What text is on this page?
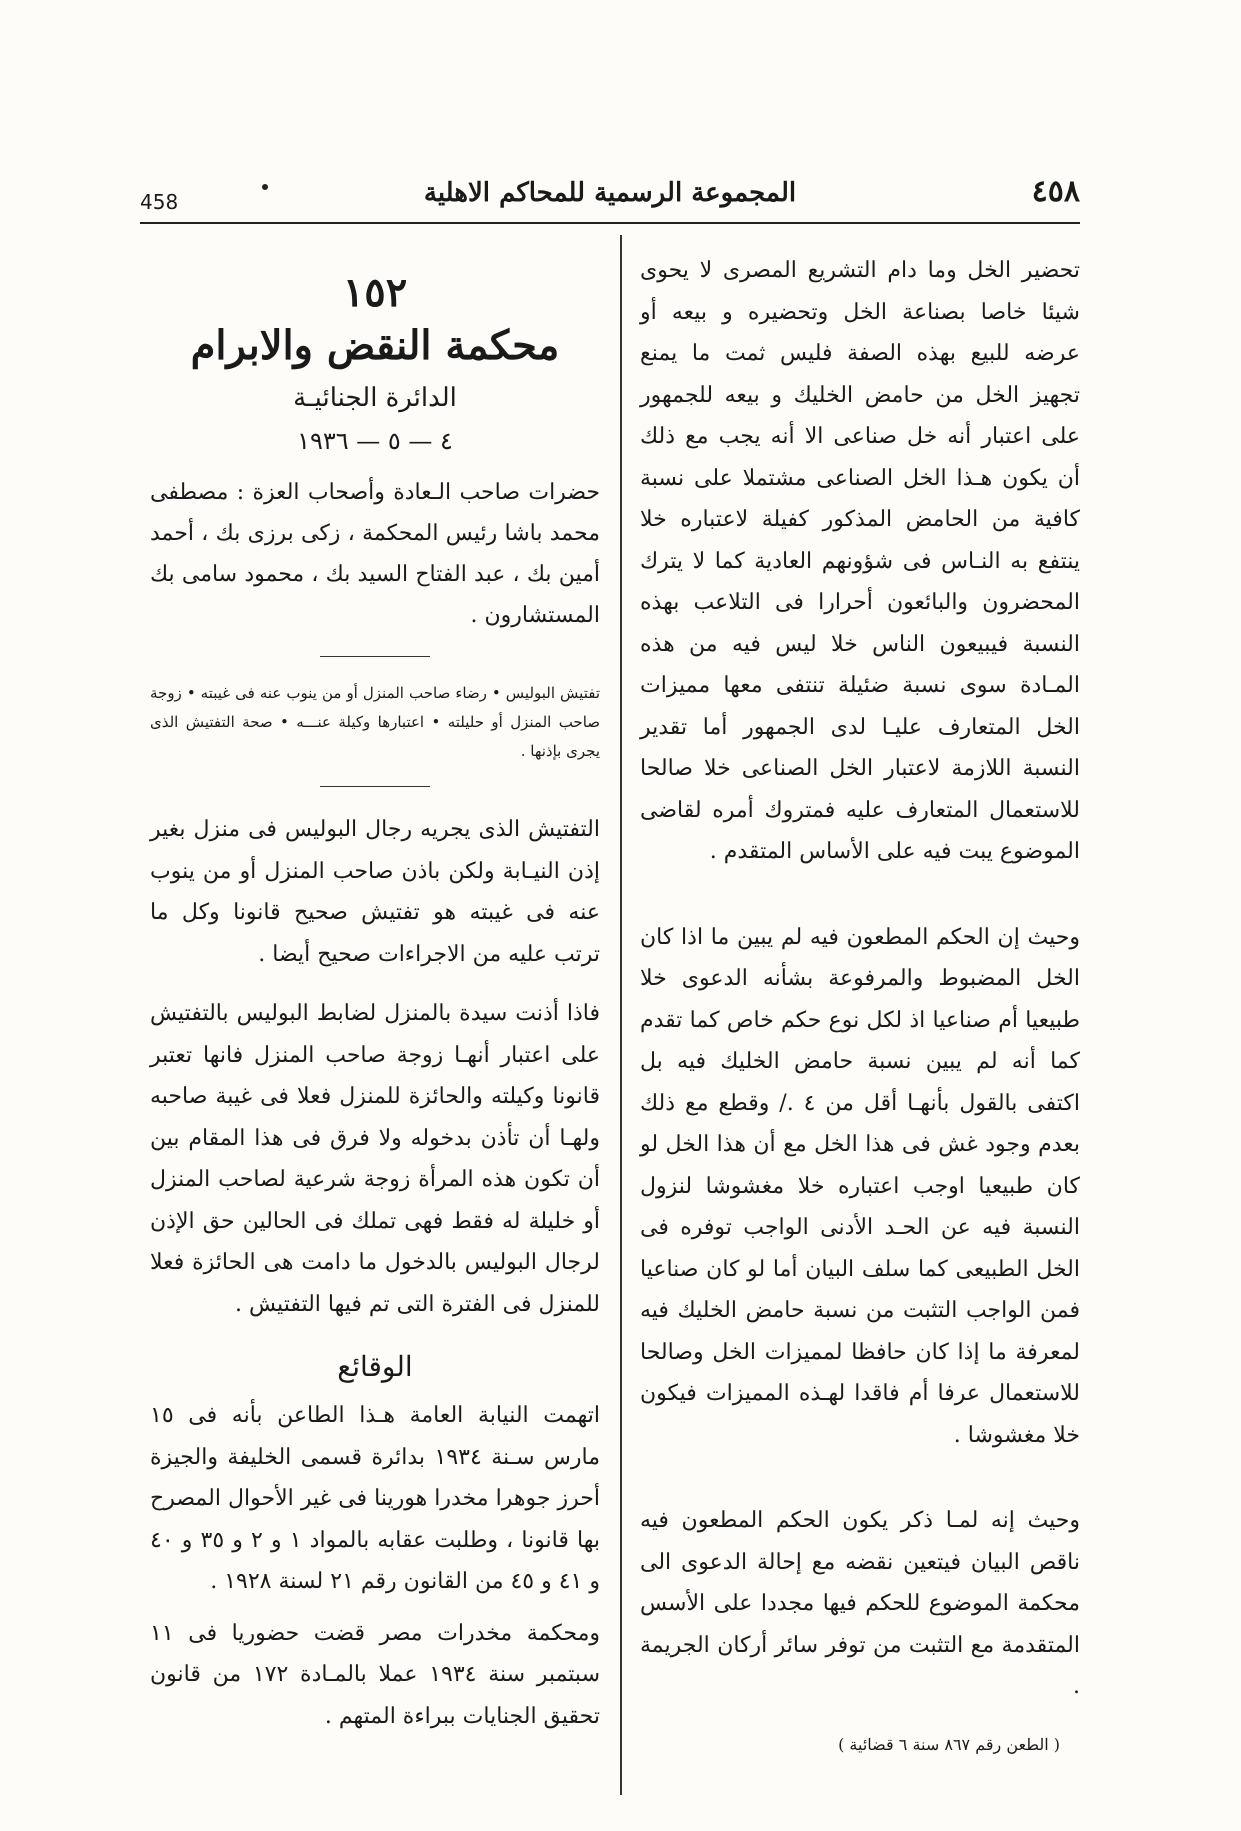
٤٥٨
المجموعة الرسمية للمحاكم الاهلية
458

تحضير الخل وما دام التشريع المصرى لا يحوى شيئا خاصا بصناعة الخل وتحضيره و بيعه أو عرضه للبيع بهذه الصفة فليس ثمت ما يمنع تجهيز الخل من حامض الخليك و بيعه للجمهور على اعتبار أنه خل صناعى الا أنه يجب مع ذلك أن يكون هـذا الخل الصناعى مشتملا على نسبة كافية من الحامض المذكور كفيلة لاعتباره خلا ينتفع به النـاس فى شؤونهم العادية كما لا يترك المحضرون والبائعون أحرارا فى التلاعب بهذه النسبة فيبيعون الناس خلا ليس فيه من هذه المـادة سوى نسبة ضئيلة تنتفى معها مميزات الخل المتعارف عليـا لدى الجمهور أما تقدير النسبة اللازمة لاعتبار الخل الصناعى خلا صالحا للاستعمال المتعارف عليه فمتروك أمره لقاضى الموضوع يبت فيه على الأساس المتقدم .

وحيث إن الحكم المطعون فيه لم يبين ما اذا كان الخل المضبوط والمرفوعة بشأنه الدعوى خلا طبيعيا أم صناعيا اذ لكل نوع حكم خاص كما تقدم كما أنه لم يبين نسبة حامض الخليك فيه بل اكتفى بالقول بأنهـا أقل من ٤ ./ وقطع مع ذلك بعدم وجود غش فى هذا الخل مع أن هذا الخل لو كان طبيعيا اوجب اعتباره خلا مغشوشا لنزول النسبة فيه عن الحـد الأدنى الواجب توفره فى الخل الطبيعى كما سلف البيان أما لو كان صناعيا فمن الواجب التثبت من نسبة حامض الخليك فيه لمعرفة ما إذا كان حافظا لمميزات الخل وصالحا للاستعمال عرفا أم فاقدا لهـذه المميزات فيكون خلا مغشوشا .

وحيث إنه لمـا ذكر يكون الحكم المطعون فيه ناقص البيان فيتعين نقضه مع إحالة الدعوى الى محكمة الموضوع للحكم فيها مجددا على الأسس المتقدمة مع التثبت من توفر سائر أركان الجريمة .

( الطعن رقم ٨٦٧ سنة ٦ قضائية )

١٥٢
محكمة النقض والابرام
الدائرة الجنائيـة
٤ — ٥ — ١٩٣٦

حضرات صاحب الـعادة وأصحاب العزة : مصطفى محمد باشا رئيس المحكمة ، زكى برزى بك ، أحمد أمين بك ، عبد الفتاح السيد بك ، محمود سامى بك المستشارون .

تفتيش البوليس • رضاء صاحب المنزل أو من ينوب عنه فى غيبته • زوجة صاحب المنزل أو حليلته • اعتبارها وكيلة عنـــه • صحة التفتيش الذى يجرى بإذنها .

التفتيش الذى يجريه رجال البوليس فى منزل بغير إذن النيـابة ولكن باذن صاحب المنزل أو من ينوب عنه فى غيبته هو تفتيش صحيح قانونا وكل ما ترتب عليه من الاجراءات صحيح أيضا .

فاذا أذنت سيدة بالمنزل لضابط البوليس بالتفتيش على اعتبار أنهـا زوجة صاحب المنزل فانها تعتبر قانونا وكيلته والحائزة للمنزل فعلا فى غيبة صاحبه ولهـا أن تأذن بدخوله ولا فرق فى هذا المقام بين أن تكون هذه المرأة زوجة شرعية لصاحب المنزل أو خليلة له فقط فهى تملك فى الحالين حق الإذن لرجال البوليس بالدخول ما دامت هى الحائزة فعلا للمنزل فى الفترة التى تم فيها التفتيش .

الوقائع

اتهمت النيابة العامة هـذا الطاعن بأنه فى ١٥ مارس سـنة ١٩٣٤ بدائرة قسمى الخليفة والجيزة أحرز جوهرا مخدرا هورينا فى غير الأحوال المصرح بها قانونا ، وطلبت عقابه بالمواد ١ و ٢ و ٣٥ و ٤٠ و ٤١ و ٤٥ من القانون رقم ٢١ لسنة ١٩٢٨ .

ومحكمة مخدرات مصر قضت حضوريا فى ١١ سبتمبر سنة ١٩٣٤ عملا بالمـادة ١٧٢ من قانون تحقيق الجنايات ببراءة المتهم .
